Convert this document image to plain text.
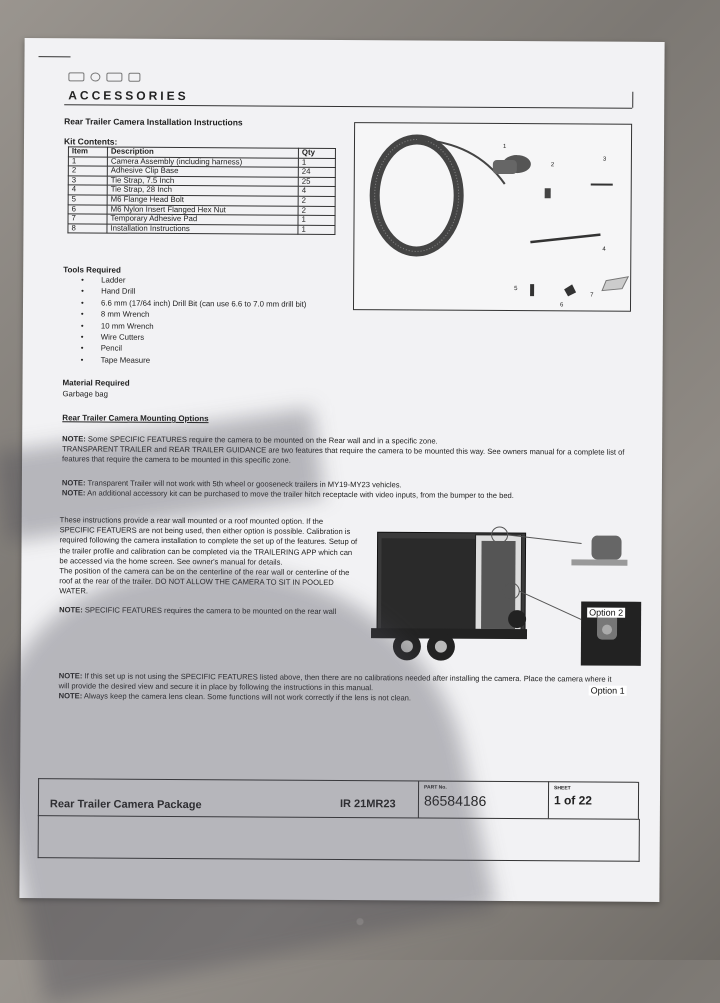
ACCESSORIES
Rear Trailer Camera Installation Instructions
Kit Contents:
Item	Description	Qty
1	Camera Assembly (including harness)	1
2	Adhesive Clip Base	24
3	Tie Strap, 7.5 Inch	25
4	Tie Strap, 28 Inch	4
5	M6 Flange Head Bolt	2
6	M6 Nylon Insert Flanged Hex Nut	2
7	Temporary Adhesive Pad	1
8	Installation Instructions	1
1
2
3
4
5
6
7
Tools Required
• Ladder
• Hand Drill
• 6.6 mm (17/64 inch) Drill Bit (can use 6.6 to 7.0 mm drill bit)
• 8 mm Wrench
• 10 mm Wrench
• Wire Cutters
• Pencil
• Tape Measure
Material Required
Garbage bag
Rear Trailer Camera Mounting Options
NOTE: Some SPECIFIC FEATURES require the camera to be mounted on the Rear wall and in a specific zone.
TRANSPARENT TRAILER and REAR TRAILER GUIDANCE are two features that require the camera to be mounted this way. See owners manual for a complete list of features that require the camera to be mounted in this specific zone.
NOTE: Transparent Trailer will not work with 5th wheel or gooseneck trailers in MY19-MY23 vehicles.
NOTE: An additional accessory kit can be purchased to move the trailer hitch receptacle with video inputs, from the bumper to the bed.
These instructions provide a rear wall mounted or a roof mounted option. If the SPECIFIC FEATUERS are not being used, then either option is possible. Calibration is required following the camera installation to complete the set up of the features. Setup of the trailer profile and calibration can be completed via the TRAILERING APP which can be accessed via the home screen. See owner's manual for details.
The position of the camera can be on the centerline of the rear wall or centerline of the roof at the rear of the trailer. DO NOT ALLOW THE CAMERA TO SIT IN POOLED WATER.
NOTE: SPECIFIC FEATURES requires the camera to be mounted on the rear wall	Option 2
Option 1
NOTE: If this set up is not using the SPECIFIC FEATURES listed above, then there are no calibrations needed after installing the camera. Place the camera where it will provide the desired view and secure it in place by following the instructions in this manual.
NOTE: Always keep the camera lens clean. Some functions will not work correctly if the lens is not clean.
Rear Trailer Camera Package	IR 21MR23
PART No.
86584186
SHEET
1 of 22
